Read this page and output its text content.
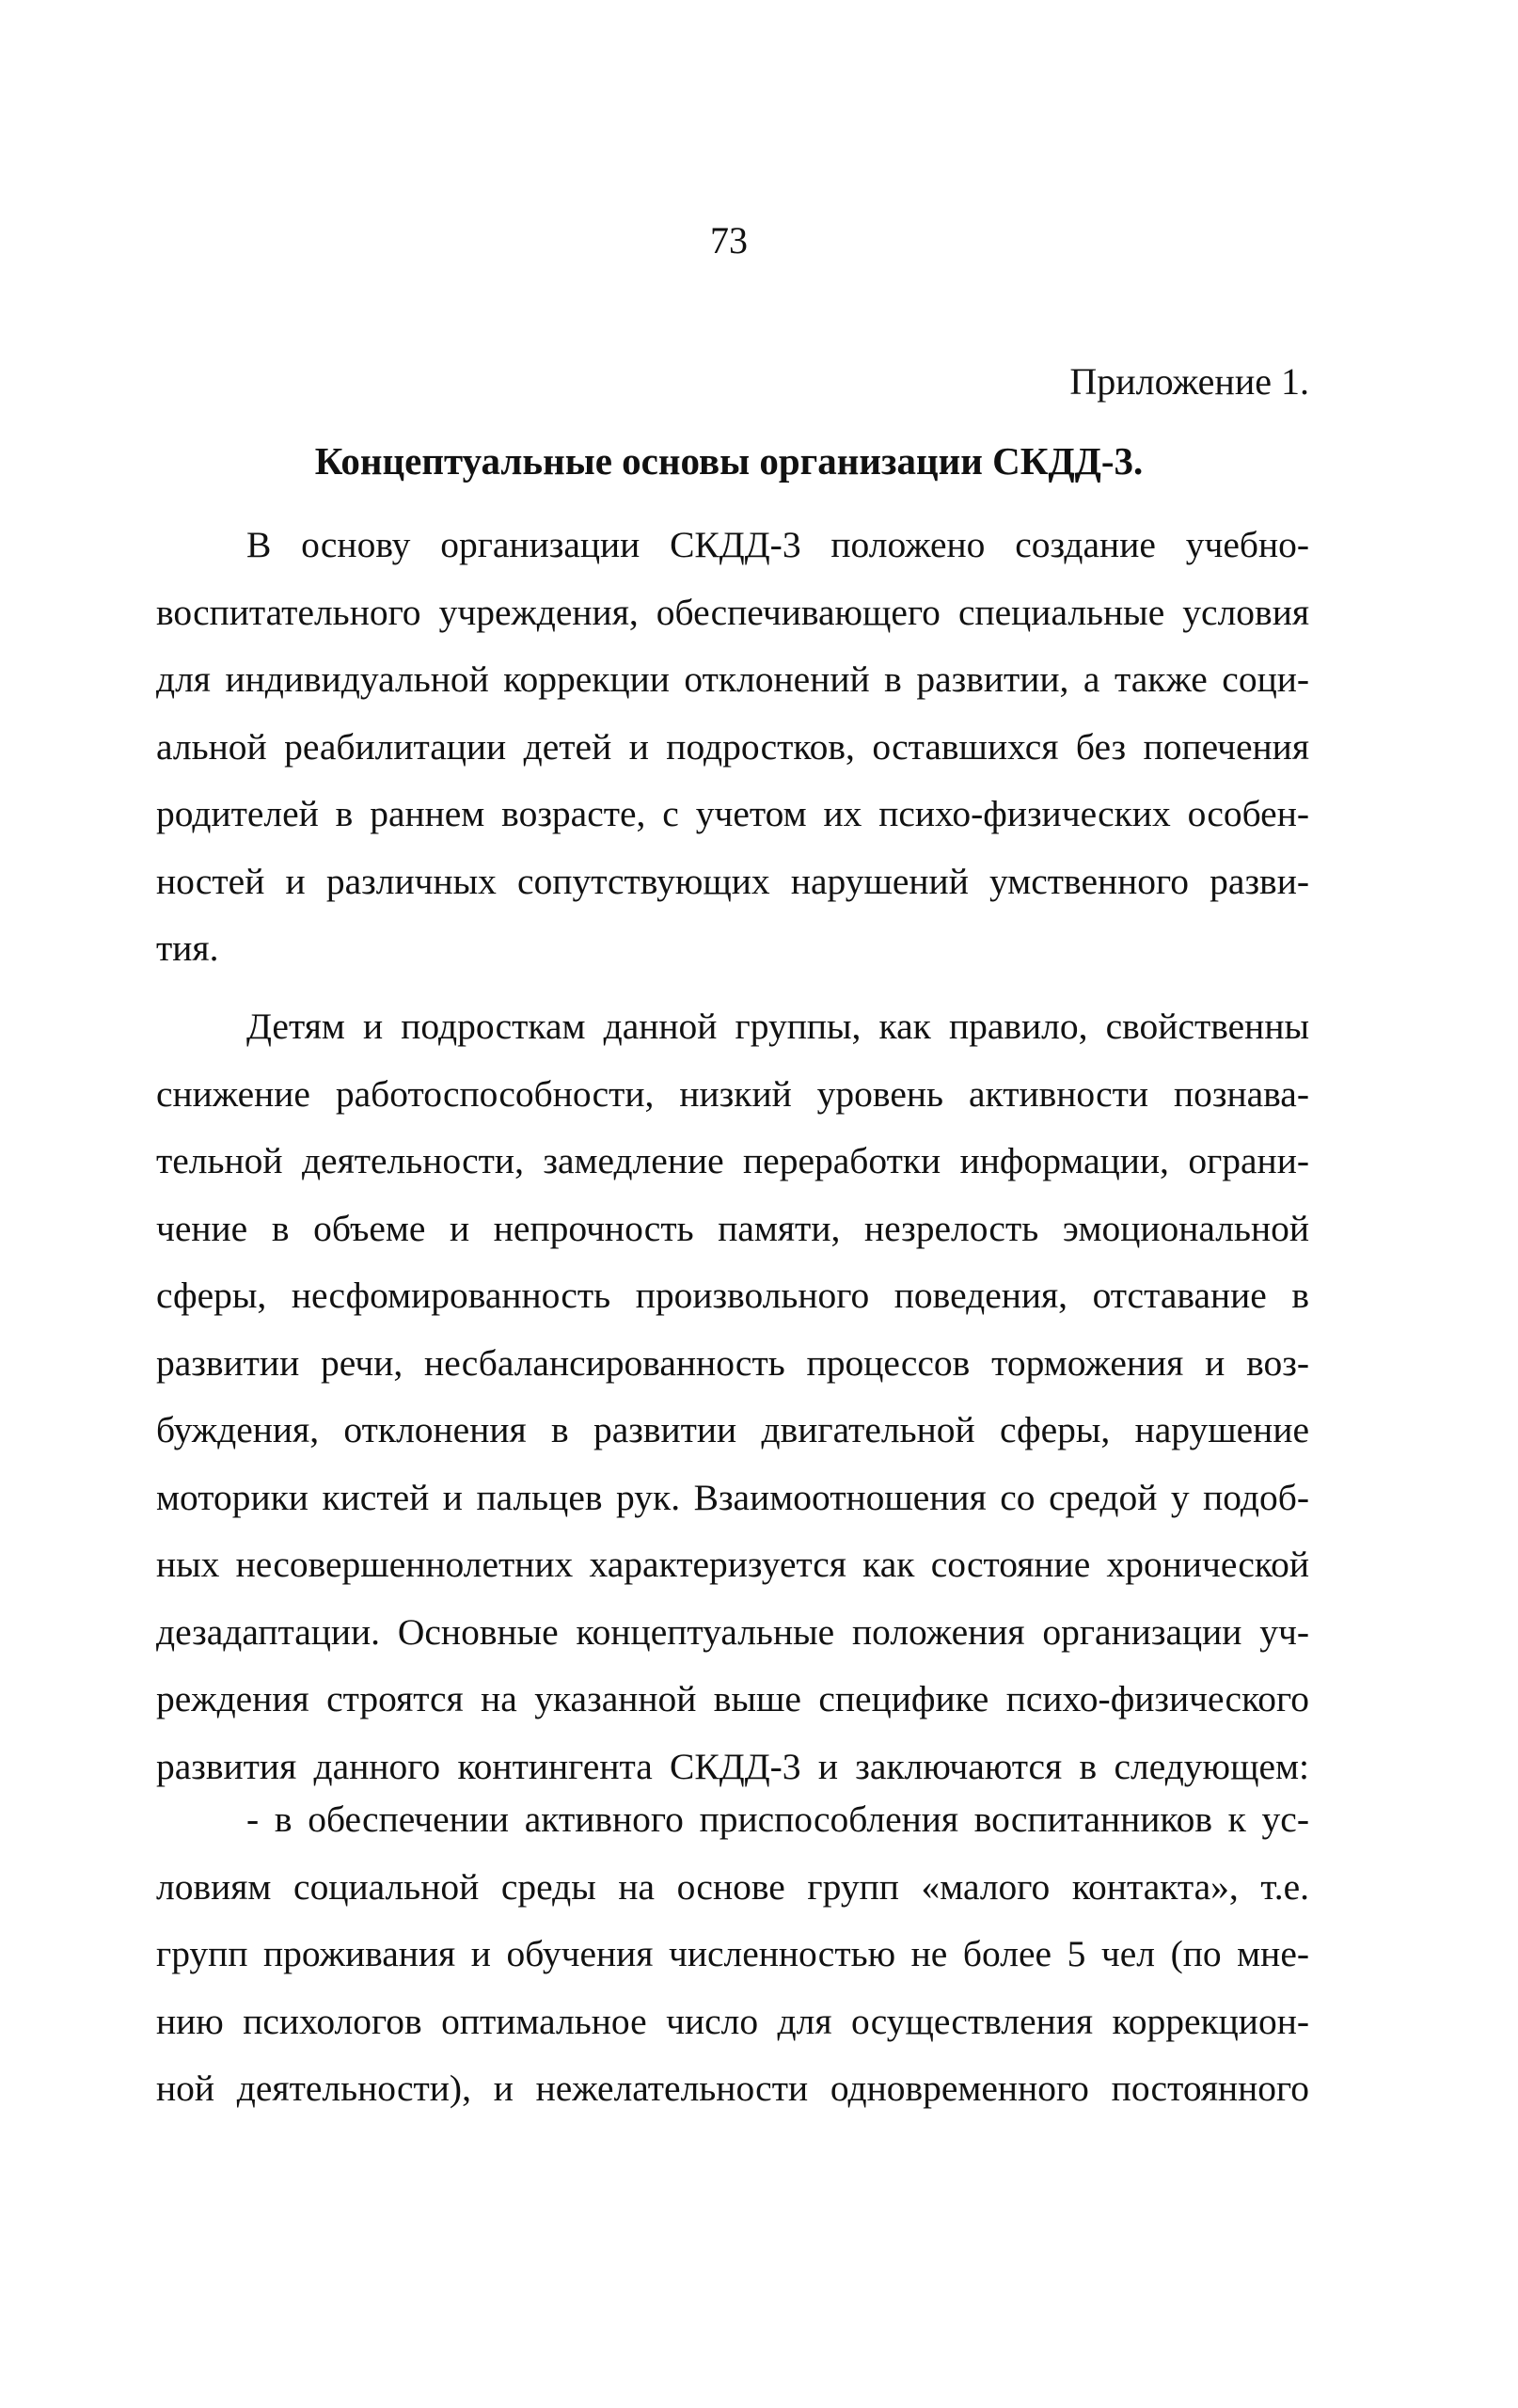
73
Приложение 1.
Концептуальные основы организации СКДД-3.

В основу организации СКДД-3 положено создание учебно-
воспитательного учреждения, обеспечивающего специальные условия
для индивидуальной коррекции отклонений в развитии, а также соци-
альной реабилитации детей и подростков, оставшихся без попечения
родителей в раннем возрасте, с учетом их психо-физических особен-
ностей и различных сопутствующих нарушений умственного разви-
тия.

Детям и подросткам данной группы, как правило, свойственны
снижение работоспособности, низкий уровень активности познава-
тельной деятельности, замедление переработки информации, ограни-
чение в объеме и непрочность памяти, незрелость эмоциональной
сферы, несфомированность произвольного поведения, отставание в
развитии речи, несбалансированность процессов торможения и воз-
буждения, отклонения в развитии двигательной сферы, нарушение
моторики кистей и пальцев рук. Взаимоотношения со средой у подоб-
ных несовершеннолетних характеризуется как состояние хронической
дезадаптации. Основные концептуальные положения организации уч-
реждения строятся на указанной выше специфике психо-физического
развития данного контингента СКДД-3 и заключаются в следующем:

- в обеспечении активного приспособления воспитанников к ус-
ловиям социальной среды на основе групп «малого контакта», т.е.
групп проживания и обучения численностью не более 5 чел (по мне-
нию психологов оптимальное число для осуществления коррекцион-
ной деятельности), и нежелательности одновременного постоянного
